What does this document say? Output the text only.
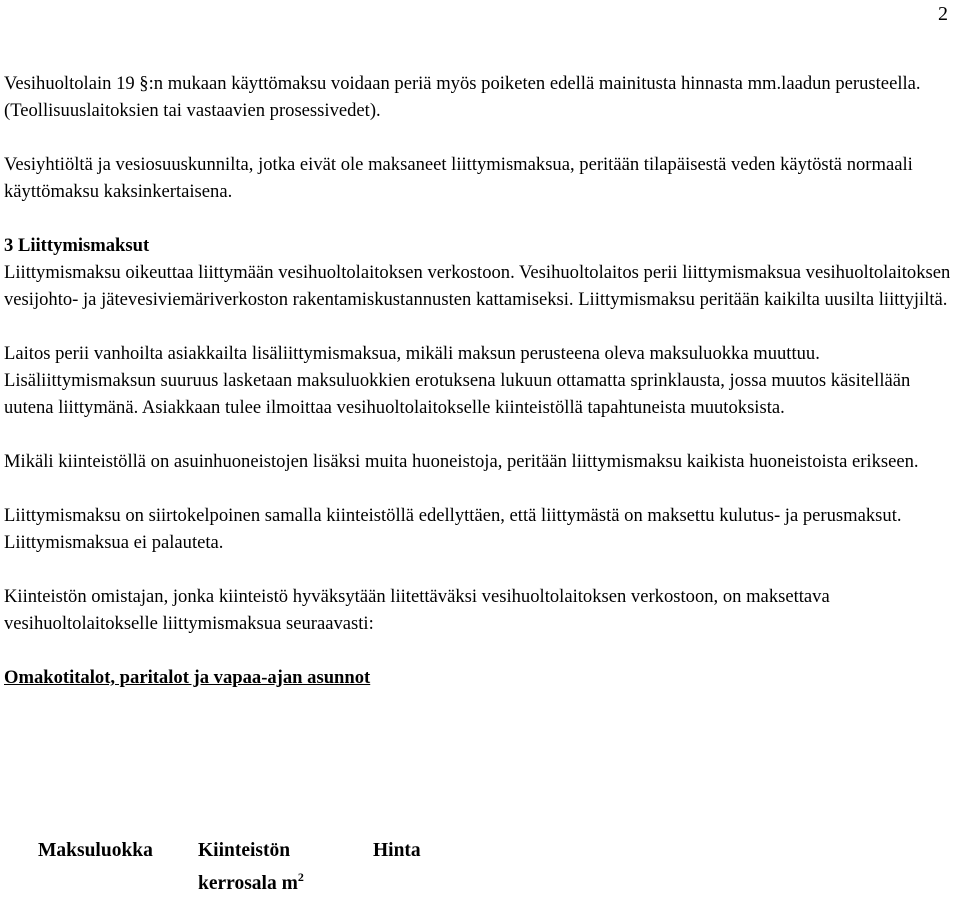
2

Vesihuoltolain 19 §:n mukaan käyttömaksu voidaan periä myös poiketen edellä mainitusta hinnasta mm.laadun perusteella.(Teollisuuslaitoksien tai vastaavien prosessivedet).

Vesiyhtiöltä ja vesiosuuskunnilta, jotka eivät ole maksaneet liittymismaksua, peritään tilapäisestä veden käytöstä normaali käyttömaksu kaksinkertaisena.

3 Liittymismaksut
Liittymismaksu oikeuttaa liittymään vesihuoltolaitoksen verkostoon. Vesihuoltolaitos perii liittymismaksua vesihuoltolaitoksen vesijohto- ja jätevesiviemäriverkoston rakentamiskustannusten kattamiseksi. Liittymismaksu peritään kaikilta uusilta liittyjiltä.

Laitos perii vanhoilta asiakkailta lisäliittymismaksua, mikäli maksun perusteena oleva maksuluokka muuttuu. Lisäliittymismaksun suuruus lasketaan maksuluokkien erotuksena lukuun ottamatta sprinklausta, jossa muutos käsitellään uutena liittymänä. Asiakkaan tulee ilmoittaa vesihuoltolaitokselle kiinteistöllä tapahtuneista muutoksista.

Mikäli kiinteistöllä on asuinhuoneistojen lisäksi muita huoneistoja, peritään liittymismaksu kaikista huoneistoista erikseen.

Liittymismaksu on siirtokelpoinen samalla kiinteistöllä edellyttäen, että liittymästä on maksettu kulutus- ja perusmaksut. Liittymismaksua ei palauteta.

Kiinteistön omistajan, jonka kiinteistö hyväksytään liitettäväksi vesihuoltolaitoksen verkostoon, on maksettava vesihuoltolaitokselle liittymismaksua seuraavasti:

Omakotitalot, paritalot ja vapaa-ajan asunnot
Maksuluokka Kiinteistön
kerrosala $m^2$
Hinta
